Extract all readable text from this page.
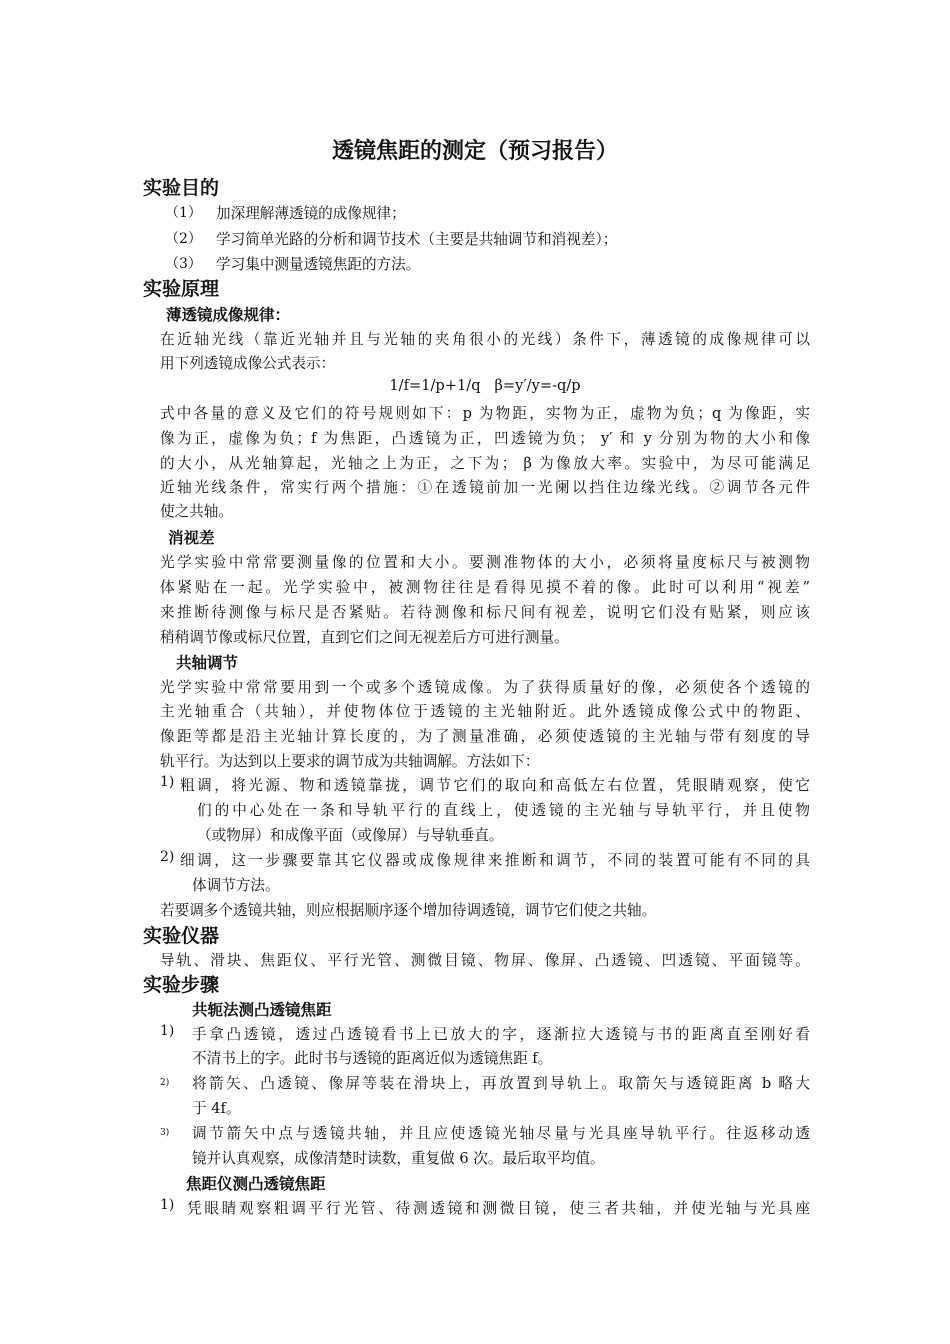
透镜焦距的测定（预习报告）
实验目的
（1） 加深理解薄透镜的成像规律；
（2） 学习简单光路的分析和调节技术（主要是共轴调节和消视差）；
（3） 学习集中测量透镜焦距的方法。
实验原理
薄透镜成像规律：
在近轴光线（靠近光轴并且与光轴的夹角很小的光线）条件下，薄透镜的成像规律可以
用下列透镜成像公式表示：
1/f=1/p+1/q   β=y′/y=-q/p
式中各量的意义及它们的符号规则如下：p 为物距，实物为正，虚物为负；q 为像距，实
像为正，虚像为负；f 为焦距，凸透镜为正，凹透镜为负； y′ 和 y 分别为物的大小和像
的大小，从光轴算起，光轴之上为正，之下为； β 为像放大率。实验中，为尽可能满足
近轴光线条件，常实行两个措施：①在透镜前加一光阑以挡住边缘光线。②调节各元件
使之共轴。
消视差
光学实验中常常要测量像的位置和大小。要测准物体的大小，必须将量度标尺与被测物
体紧贴在一起。光学实验中，被测物往往是看得见摸不着的像。此时可以利用“视差”
来推断待测像与标尺是否紧贴。若待测像和标尺间有视差，说明它们没有贴紧，则应该
稍稍调节像或标尺位置，直到它们之间无视差后方可进行测量。
共轴调节
光学实验中常常要用到一个或多个透镜成像。为了获得质量好的像，必须使各个透镜的
主光轴重合（共轴），并使物体位于透镜的主光轴附近。此外透镜成像公式中的物距、
像距等都是沿主光轴计算长度的，为了测量准确，必须使透镜的主光轴与带有刻度的导
轨平行。为达到以上要求的调节成为共轴调解。方法如下：
1) 粗调，将光源、物和透镜靠拢，调节它们的取向和高低左右位置，凭眼睛观察，使它
们的中心处在一条和导轨平行的直线上，使透镜的主光轴与导轨平行，并且使物
（或物屏）和成像平面（或像屏）与导轨垂直。
2) 细调，这一步骤要靠其它仪器或成像规律来推断和调节，不同的装置可能有不同的具
体调节方法。
若要调多个透镜共轴，则应根据顺序逐个增加待调透镜，调节它们使之共轴。
实验仪器
导轨、滑块、焦距仪、平行光管、测微目镜、物屏、像屏、凸透镜、凹透镜、平面镜等。
实验步骤
共轭法测凸透镜焦距
1) 手拿凸透镜，透过凸透镜看书上已放大的字，逐渐拉大透镜与书的距离直至刚好看
不清书上的字。此时书与透镜的距离近似为透镜焦距 f。
2) 将箭矢、凸透镜、像屏等装在滑块上，再放置到导轨上。取箭矢与透镜距离 b 略大
于 4f。
3) 调节箭矢中点与透镜共轴，并且应使透镜光轴尽量与光具座导轨平行。往返移动透
镜并认真观察，成像清楚时读数，重复做 6 次。最后取平均值。
焦距仪测凸透镜焦距
1) 凭眼睛观察粗调平行光管、待测透镜和测微目镜，使三者共轴，并使光轴与光具座
